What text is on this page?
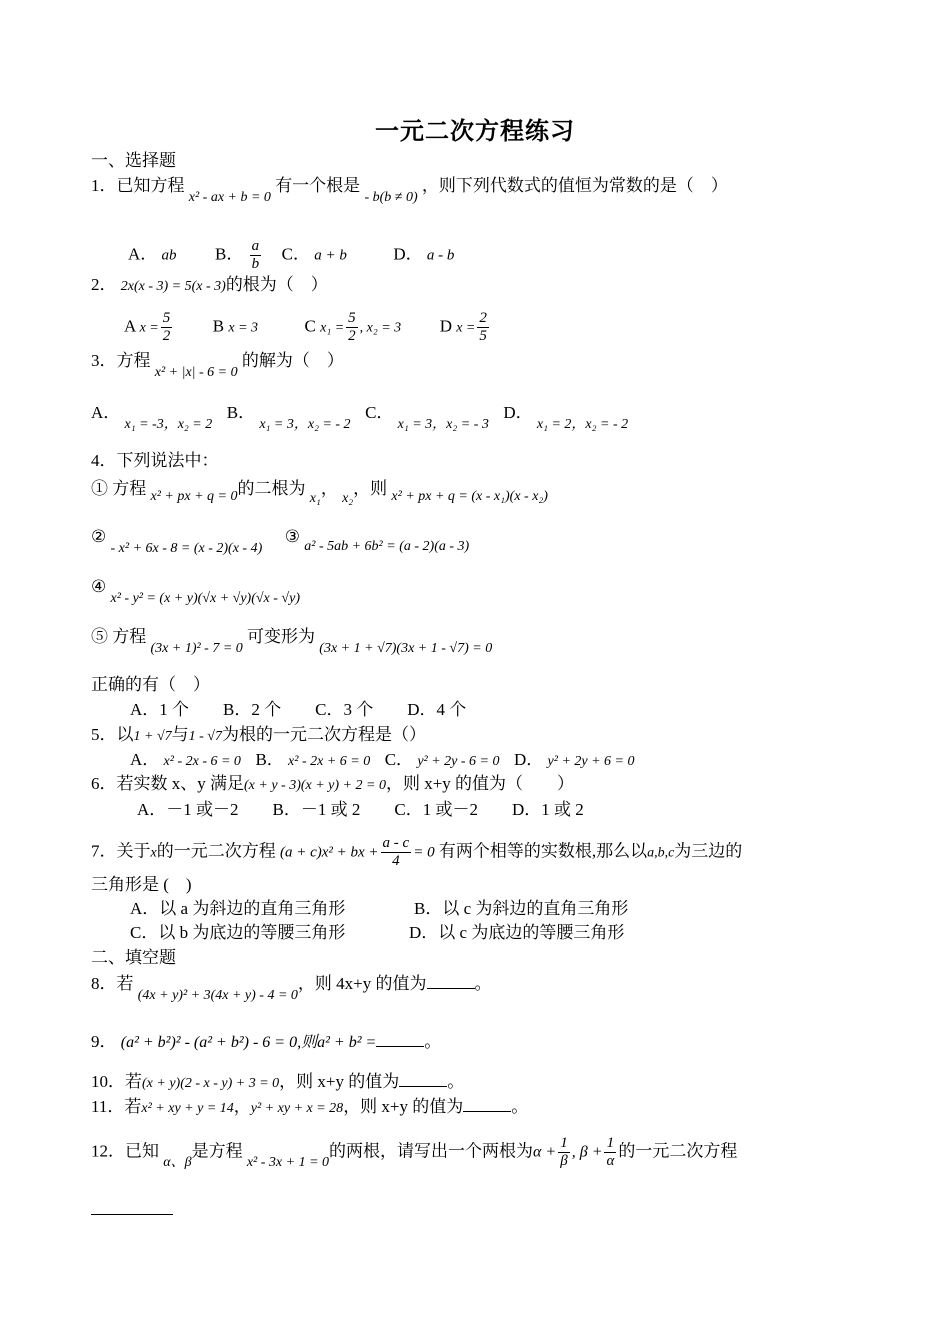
一元二次方程练习
一、选择题
1．已知方程 $_{x^2 - ax + b = 0}$ 有一个根是 $_{- b(b \ne 0)}$ ，则下列代数式的值恒为常数的是（　）
A． ab B． $\frac{a}{b}$ C． a + b	D． a - b
2． 2x(x - 3) = 5(x - 3)的根为（　）
A $x = \frac{5}{2}$ B x = 3	C $x_1 = \frac{5}{2}$ , x₂ = 3 D $x = \frac{2}{5}$
3．方程 $_{x^2 + |x| - 6 = 0}$ 的解为（　）
A． $_{x_1 = -3,x_2 = 2}$  B． $_{x_1 = 3,x_2 = - 2}$  C． $_{x_1 = 3,x_2 = - 3}$  D． $_{x_1 = 2,x_2 = - 2}$
4．下列说法中：
① 方程 $_{x^2 + px + q = 0}$的二根为 $_{x_1}$， $_{x_2}$，则 $_{x^2 + px + q = (x - x_1)(x - x_2)}$
② $_{- x^2 + 6x - 8 = (x - 2)(x - 4)}$  ③ $_{a^2 - 5ab + 6b^2 = (a - 2)(a - 3)}$
④ $_{x^2 - y^2 = (x + y)(√x + √y)(√x - √y)}$
⑤ 方程 $_{(3x + 1)^2 - 7 = 0}$ 可变形为 $_{(3x + 1 + √7)(3x + 1 - √7) = 0}$
正确的有（　）
A．1 个　　B．2 个　　C．3 个　　D．4 个
5．以1 + √7与1 - √7为根的一元二次方程是（）
A． x² - 2x - 6 = 0 B． x² - 2x + 6 = 0 C． y² + 2y - 6 = 0 D． y² + 2y + 6 = 0
6．若实数 x、y 满足(x + y - 3)(x + y) + 2 = 0，则 x+y 的值为（　　）
A．－1 或－2　　B．－1 或 2　　C．1 或－2　　D．1 或 2
7．关于x的一元二次方程 (a + c)x² + bx + $\frac{a - c}{4} = 0$ 有两个相等的实数根,那么以a,b,c为三边的
三角形是 (　)
A．以 a 为斜边的直角三角形	B．以 c 为斜边的直角三角形
C．以 b 为底边的等腰三角形	D．以 c 为底边的等腰三角形
二、填空题
8．若 $_{(4x + y)^2 + 3(4x + y) - 4 = 0}$，则 4x+y 的值为	。
9． (a² + b²)² - (a² + b²) - 6 = 0,则a² + b² =	。
10．若(x + y)(2 - x - y) + 3 = 0，则 x+y 的值为	。
11．若x² + xy + y = 14，y² + xy + x = 28，则 x+y 的值为	。
12．已知 $_{\alpha、\beta}$是方程 $_{x^2 - 3x + 1 = 0}$的两根，请写出一个两根为$\alpha + \frac{1}{\beta}$ , $\beta + \frac{1}{\alpha}$ 的一元二次方程
